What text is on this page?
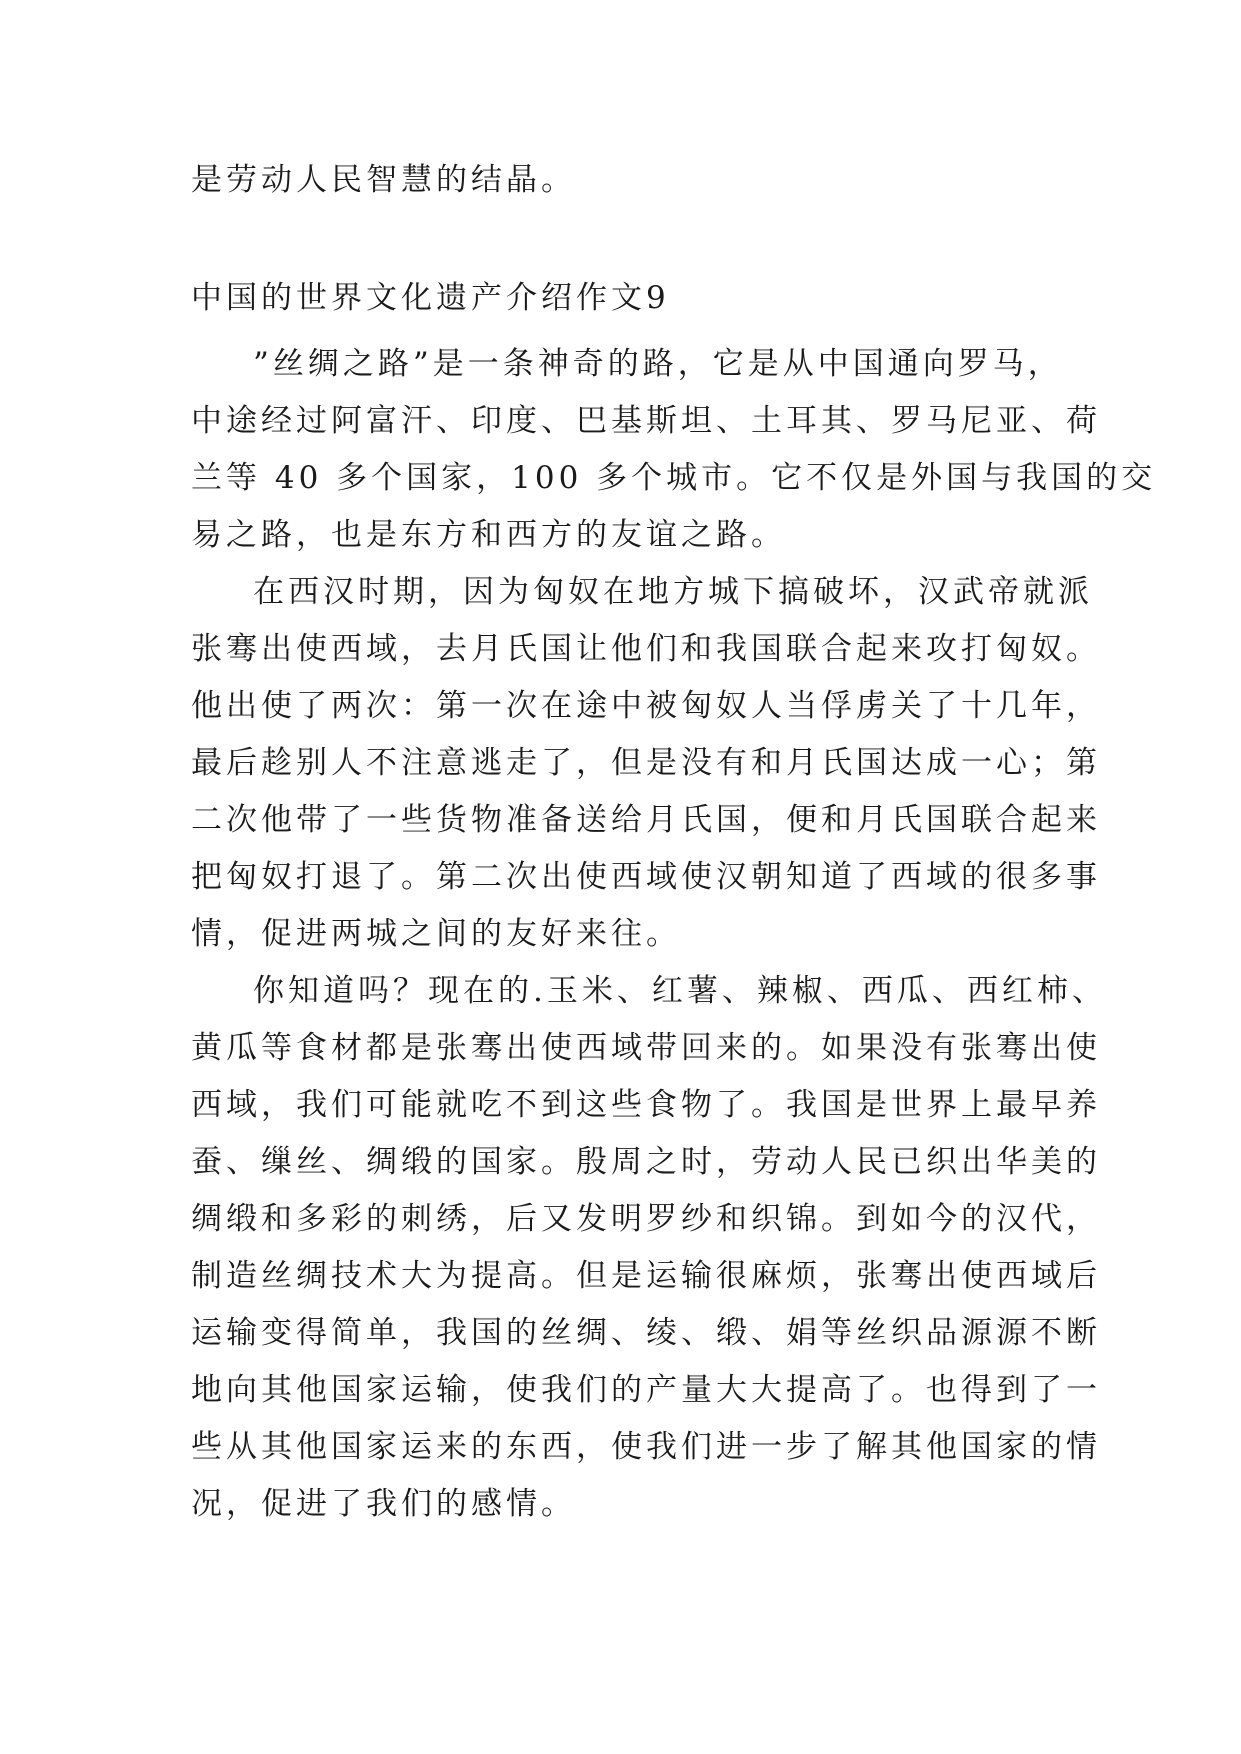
是劳动人民智慧的结晶。
中国的世界文化遗产介绍作文9
”丝绸之路”是一条神奇的路，它是从中国通向罗马，
中途经过阿富汗、印度、巴基斯坦、土耳其、罗马尼亚、荷
兰等 40 多个国家，100 多个城市。它不仅是外国与我国的交
易之路，也是东方和西方的友谊之路。
在西汉时期，因为匈奴在地方城下搞破坏，汉武帝就派
张骞出使西域，去月氏国让他们和我国联合起来攻打匈奴。
他出使了两次：第一次在途中被匈奴人当俘虏关了十几年，
最后趁别人不注意逃走了，但是没有和月氏国达成一心；第
二次他带了一些货物准备送给月氏国，便和月氏国联合起来
把匈奴打退了。第二次出使西域使汉朝知道了西域的很多事
情，促进两城之间的友好来往。
你知道吗？现在的.玉米、红薯、辣椒、西瓜、西红柿、
黄瓜等食材都是张骞出使西域带回来的。如果没有张骞出使
西域，我们可能就吃不到这些食物了。我国是世界上最早养
蚕、缫丝、绸缎的国家。殷周之时，劳动人民已织出华美的
绸缎和多彩的刺绣，后又发明罗纱和织锦。到如今的汉代，
制造丝绸技术大为提高。但是运输很麻烦，张骞出使西域后
运输变得简单，我国的丝绸、绫、缎、娟等丝织品源源不断
地向其他国家运输，使我们的产量大大提高了。也得到了一
些从其他国家运来的东西，使我们进一步了解其他国家的情
况，促进了我们的感情。
